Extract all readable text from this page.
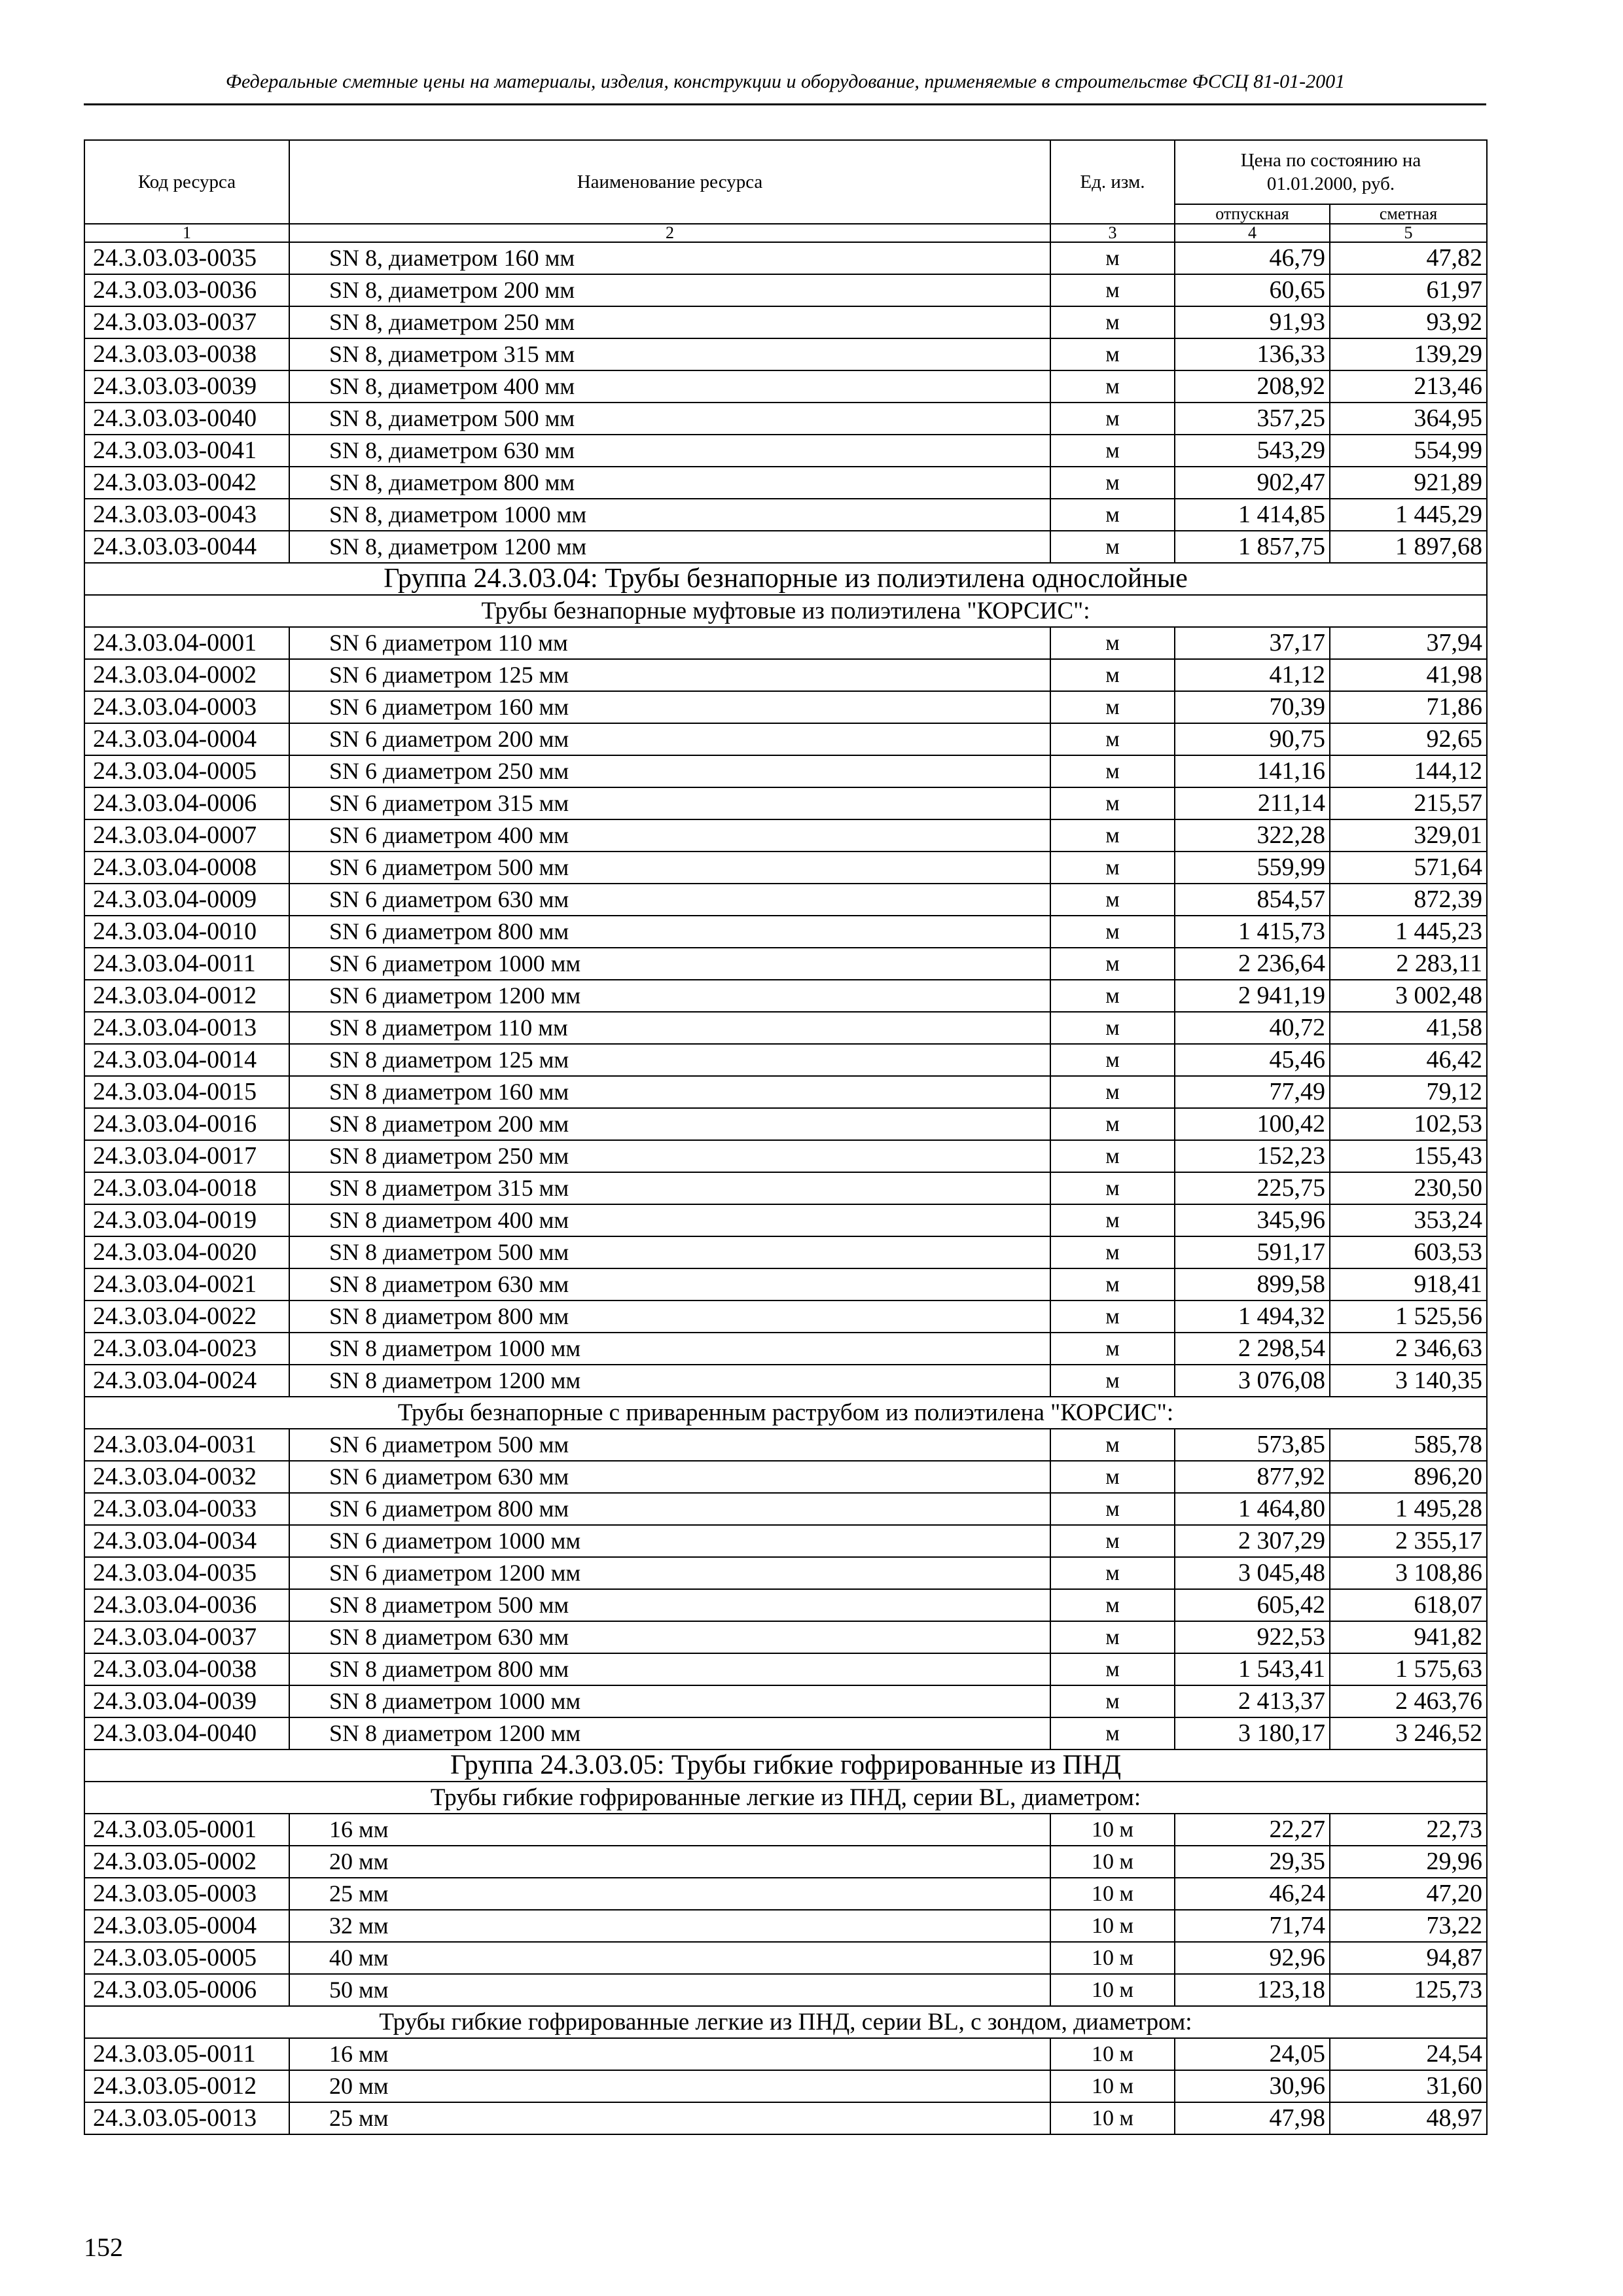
Федеральные сметные цены на материалы, изделия, конструкции и оборудование, применяемые в строительстве ФССЦ 81-01-2001
Код ресурса	Наименование ресурса	Ед. изм.	Цена по состоянию на 01.01.2000, руб.	
			отпускная	сметная
1	2	3	4	5
24.3.03.03-0035	SN 8, диаметром 160 мм	м	46,79	47,82
24.3.03.03-0036	SN 8, диаметром 200 мм	м	60,65	61,97
24.3.03.03-0037	SN 8, диаметром 250 мм	м	91,93	93,92
24.3.03.03-0038	SN 8, диаметром 315 мм	м	136,33	139,29
24.3.03.03-0039	SN 8, диаметром 400 мм	м	208,92	213,46
24.3.03.03-0040	SN 8, диаметром 500 мм	м	357,25	364,95
24.3.03.03-0041	SN 8, диаметром 630 мм	м	543,29	554,99
24.3.03.03-0042	SN 8, диаметром 800 мм	м	902,47	921,89
24.3.03.03-0043	SN 8, диаметром 1000 мм	м	1 414,85	1 445,29
24.3.03.03-0044	SN 8, диаметром 1200 мм	м	1 857,75	1 897,68
Группа 24.3.03.04: Трубы безнапорные из полиэтилена однослойные				
Трубы безнапорные муфтовые из полиэтилена "КОРСИС":				
24.3.03.04-0001	SN 6 диаметром 110 мм	м	37,17	37,94
24.3.03.04-0002	SN 6 диаметром 125 мм	м	41,12	41,98
24.3.03.04-0003	SN 6 диаметром 160 мм	м	70,39	71,86
24.3.03.04-0004	SN 6 диаметром 200 мм	м	90,75	92,65
24.3.03.04-0005	SN 6 диаметром 250 мм	м	141,16	144,12
24.3.03.04-0006	SN 6 диаметром 315 мм	м	211,14	215,57
24.3.03.04-0007	SN 6 диаметром 400 мм	м	322,28	329,01
24.3.03.04-0008	SN 6 диаметром 500 мм	м	559,99	571,64
24.3.03.04-0009	SN 6 диаметром 630 мм	м	854,57	872,39
24.3.03.04-0010	SN 6 диаметром 800 мм	м	1 415,73	1 445,23
24.3.03.04-0011	SN 6 диаметром 1000 мм	м	2 236,64	2 283,11
24.3.03.04-0012	SN 6 диаметром 1200 мм	м	2 941,19	3 002,48
24.3.03.04-0013	SN 8 диаметром 110 мм	м	40,72	41,58
24.3.03.04-0014	SN 8 диаметром 125 мм	м	45,46	46,42
24.3.03.04-0015	SN 8 диаметром 160 мм	м	77,49	79,12
24.3.03.04-0016	SN 8 диаметром 200 мм	м	100,42	102,53
24.3.03.04-0017	SN 8 диаметром 250 мм	м	152,23	155,43
24.3.03.04-0018	SN 8 диаметром 315 мм	м	225,75	230,50
24.3.03.04-0019	SN 8 диаметром 400 мм	м	345,96	353,24
24.3.03.04-0020	SN 8 диаметром 500 мм	м	591,17	603,53
24.3.03.04-0021	SN 8 диаметром 630 мм	м	899,58	918,41
24.3.03.04-0022	SN 8 диаметром 800 мм	м	1 494,32	1 525,56
24.3.03.04-0023	SN 8 диаметром 1000 мм	м	2 298,54	2 346,63
24.3.03.04-0024	SN 8 диаметром 1200 мм	м	3 076,08	3 140,35
Трубы безнапорные с приваренным раструбом из полиэтилена "КОРСИС":				
24.3.03.04-0031	SN 6 диаметром 500 мм	м	573,85	585,78
24.3.03.04-0032	SN 6 диаметром 630 мм	м	877,92	896,20
24.3.03.04-0033	SN 6 диаметром 800 мм	м	1 464,80	1 495,28
24.3.03.04-0034	SN 6 диаметром 1000 мм	м	2 307,29	2 355,17
24.3.03.04-0035	SN 6 диаметром 1200 мм	м	3 045,48	3 108,86
24.3.03.04-0036	SN 8 диаметром 500 мм	м	605,42	618,07
24.3.03.04-0037	SN 8 диаметром 630 мм	м	922,53	941,82
24.3.03.04-0038	SN 8 диаметром 800 мм	м	1 543,41	1 575,63
24.3.03.04-0039	SN 8 диаметром 1000 мм	м	2 413,37	2 463,76
24.3.03.04-0040	SN 8 диаметром 1200 мм	м	3 180,17	3 246,52
Группа 24.3.03.05: Трубы гибкие гофрированные из ПНД				
Трубы гибкие гофрированные легкие из ПНД, серии BL, диаметром:				
24.3.03.05-0001	16 мм	10 м	22,27	22,73
24.3.03.05-0002	20 мм	10 м	29,35	29,96
24.3.03.05-0003	25 мм	10 м	46,24	47,20
24.3.03.05-0004	32 мм	10 м	71,74	73,22
24.3.03.05-0005	40 мм	10 м	92,96	94,87
24.3.03.05-0006	50 мм	10 м	123,18	125,73
Трубы гибкие гофрированные легкие из ПНД, серии BL, с зондом, диаметром:				
24.3.03.05-0011	16 мм	10 м	24,05	24,54
24.3.03.05-0012	20 мм	10 м	30,96	31,60
24.3.03.05-0013	25 мм	10 м	47,98	48,97
152
